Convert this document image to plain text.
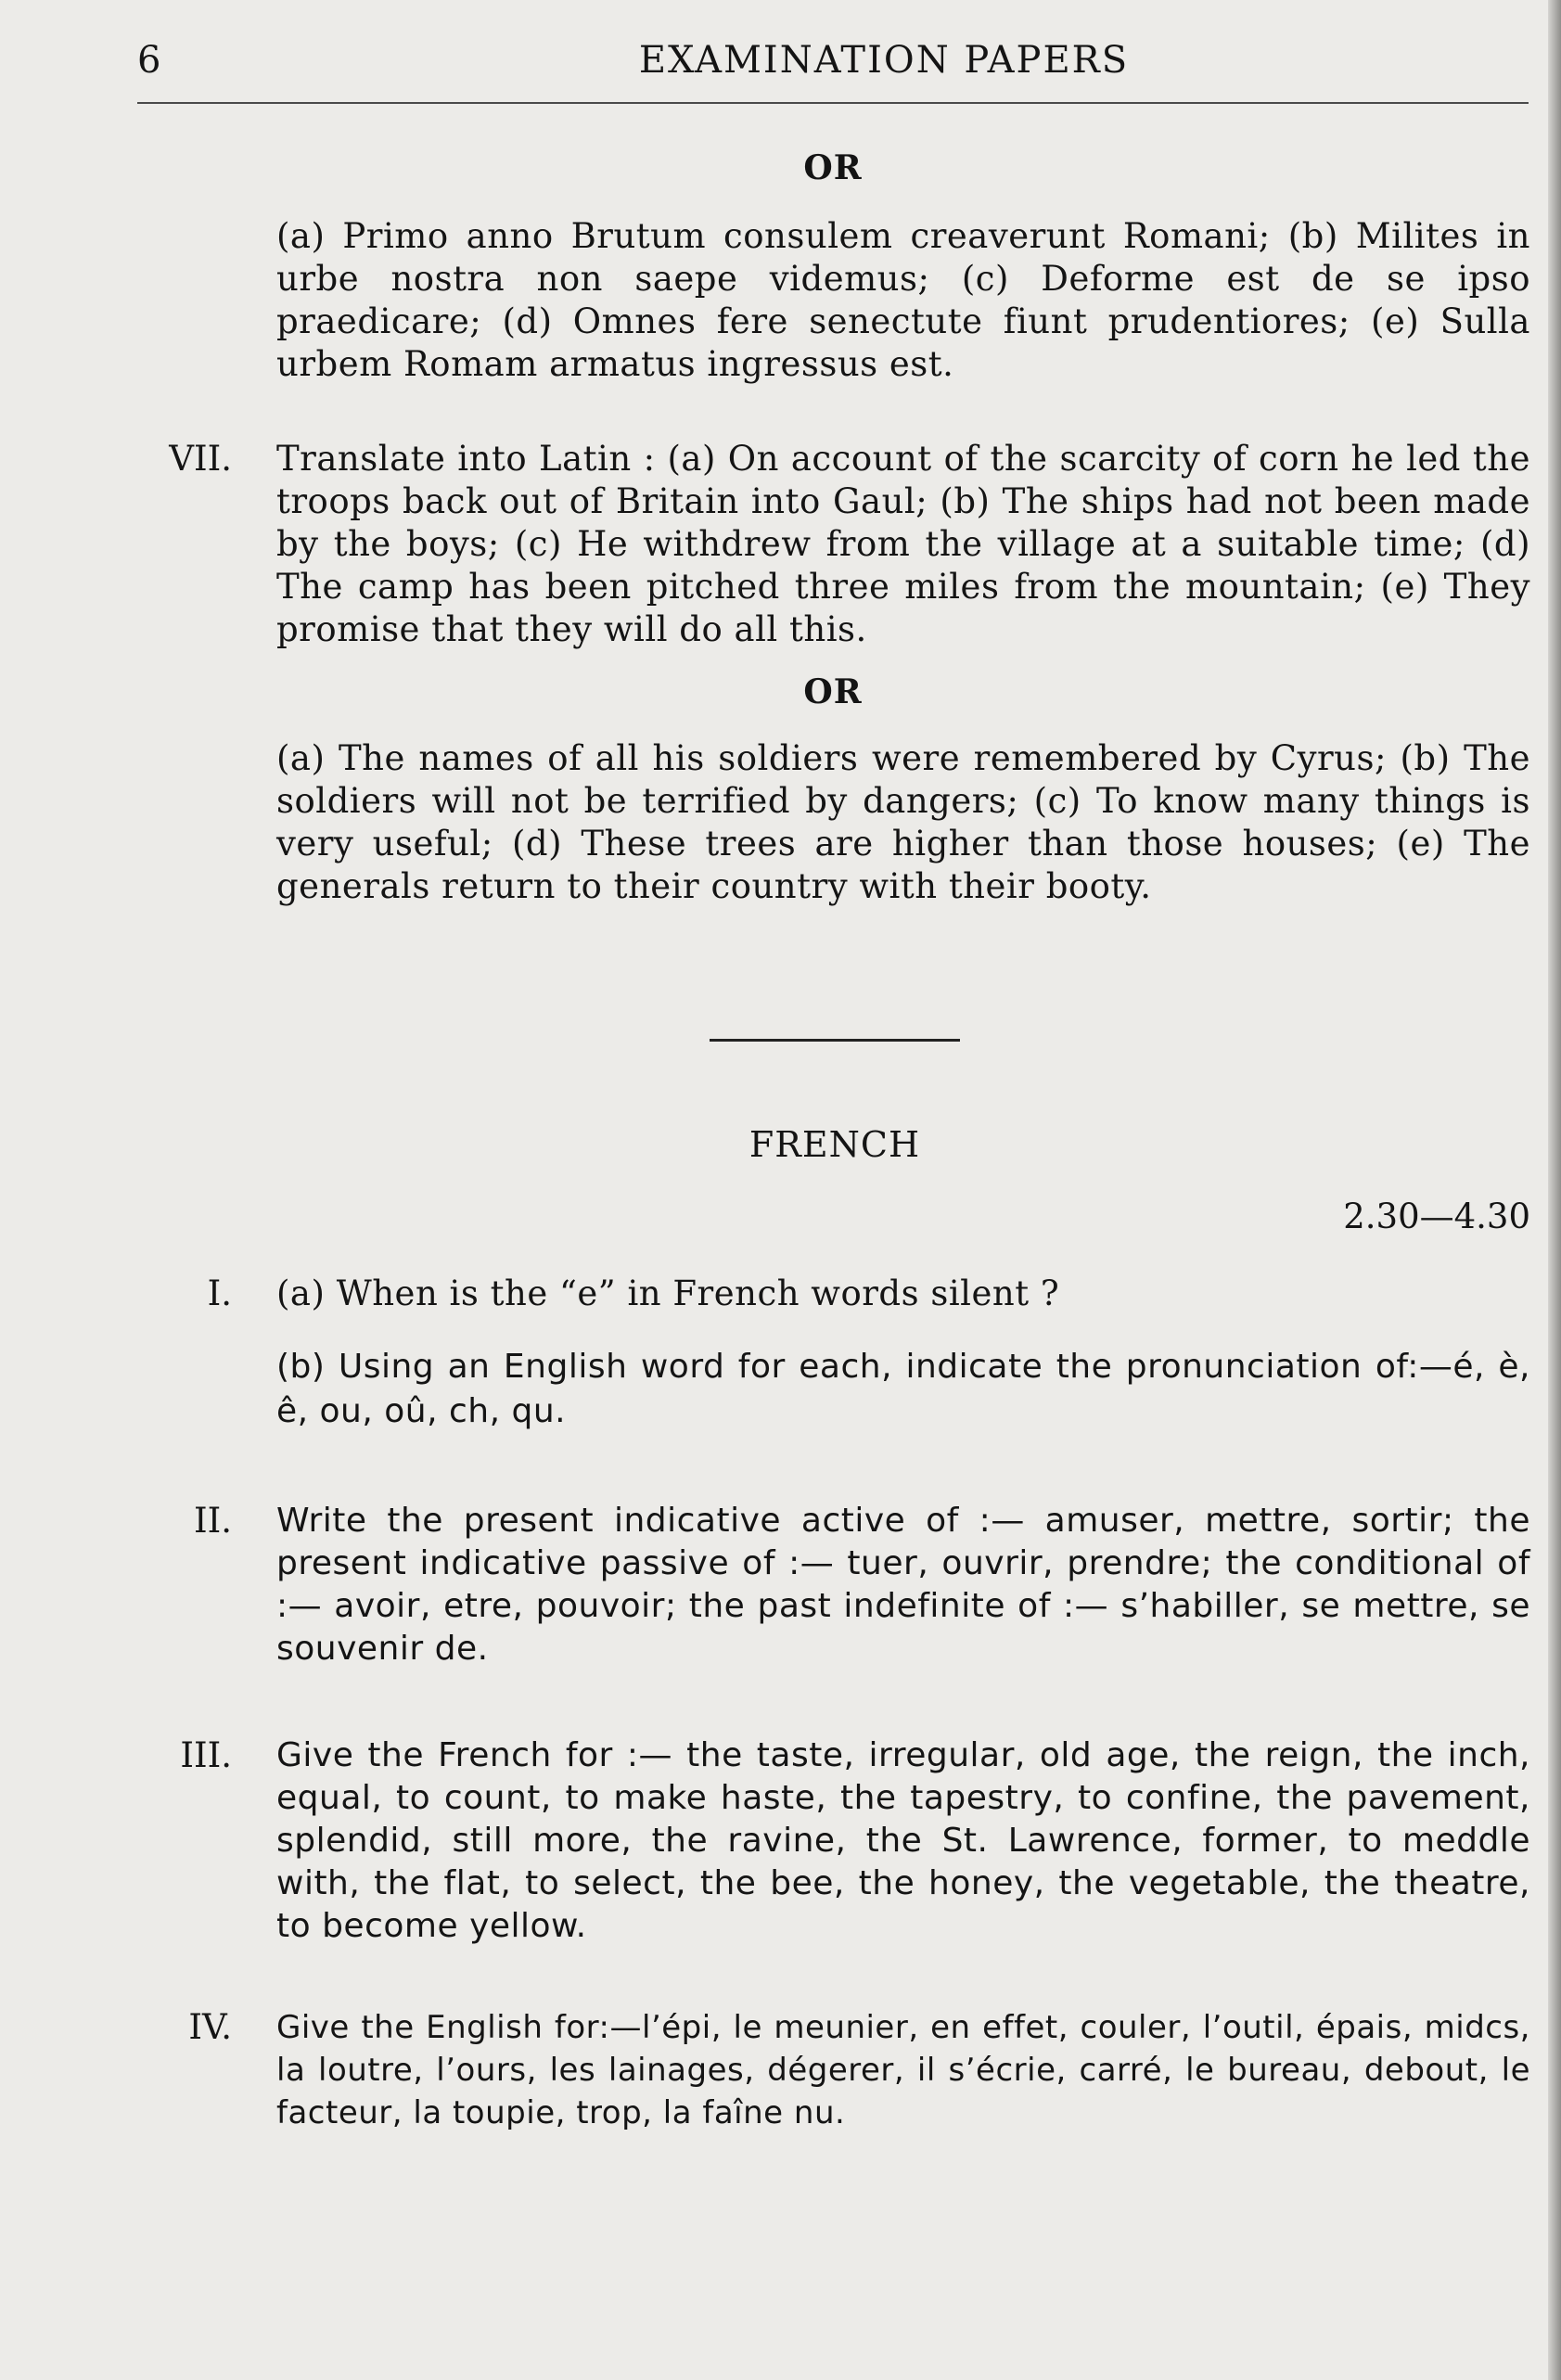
6	EXAMINATION PAPERS
OR
(a) Primo anno Brutum consulem creaverunt Romani; (b) Milites in urbe nostra non saepe videmus; (c) Deforme est de se ipso praedicare; (d) Omnes fere senectute fiunt prudentiores; (e) Sulla urbem Romam armatus ingressus est.
VII. Translate into Latin : (a) On account of the scarcity of corn he led the troops back out of Britain into Gaul; (b) The ships had not been made by the boys; (c) He withdrew from the village at a suitable time; (d) The camp has been pitched three miles from the mountain; (e) They promise that they will do all this.
OR
(a) The names of all his soldiers were remembered by Cyrus; (b) The soldiers will not be terrified by dangers; (c) To know many things is very useful; (d) These trees are higher than those houses; (e) The generals return to their country with their booty.
FRENCH
2.30—4.30
I. (a) When is the “e” in French words silent ?
(b) Using an English word for each, indicate the pronunciation of:—é, è, ê, ou, oû, ch, qu.
II. Write the present indicative active of :— amuser, mettre, sortir; the present indicative passive of :— tuer, ouvrir, prendre; the conditional of :— avoir, etre, pouvoir; the past indefinite of :— s’habiller, se mettre, se souvenir de.
III. Give the French for :— the taste, irregular, old age, the reign, the inch, equal, to count, to make haste, the tapestry, to confine, the pavement, splendid, still more, the ravine, the St. Lawrence, former, to meddle with, the flat, to select, the bee, the honey, the vegetable, the theatre, to become yellow.
IV. Give the English for:—l’épi, le meunier, en effet, couler, l’outil, épais, midcs, la loutre, l’ours, les lainages, dégerer, il s’écrie, carré, le bureau, debout, le facteur, la toupie, trop, la faîne nu.
